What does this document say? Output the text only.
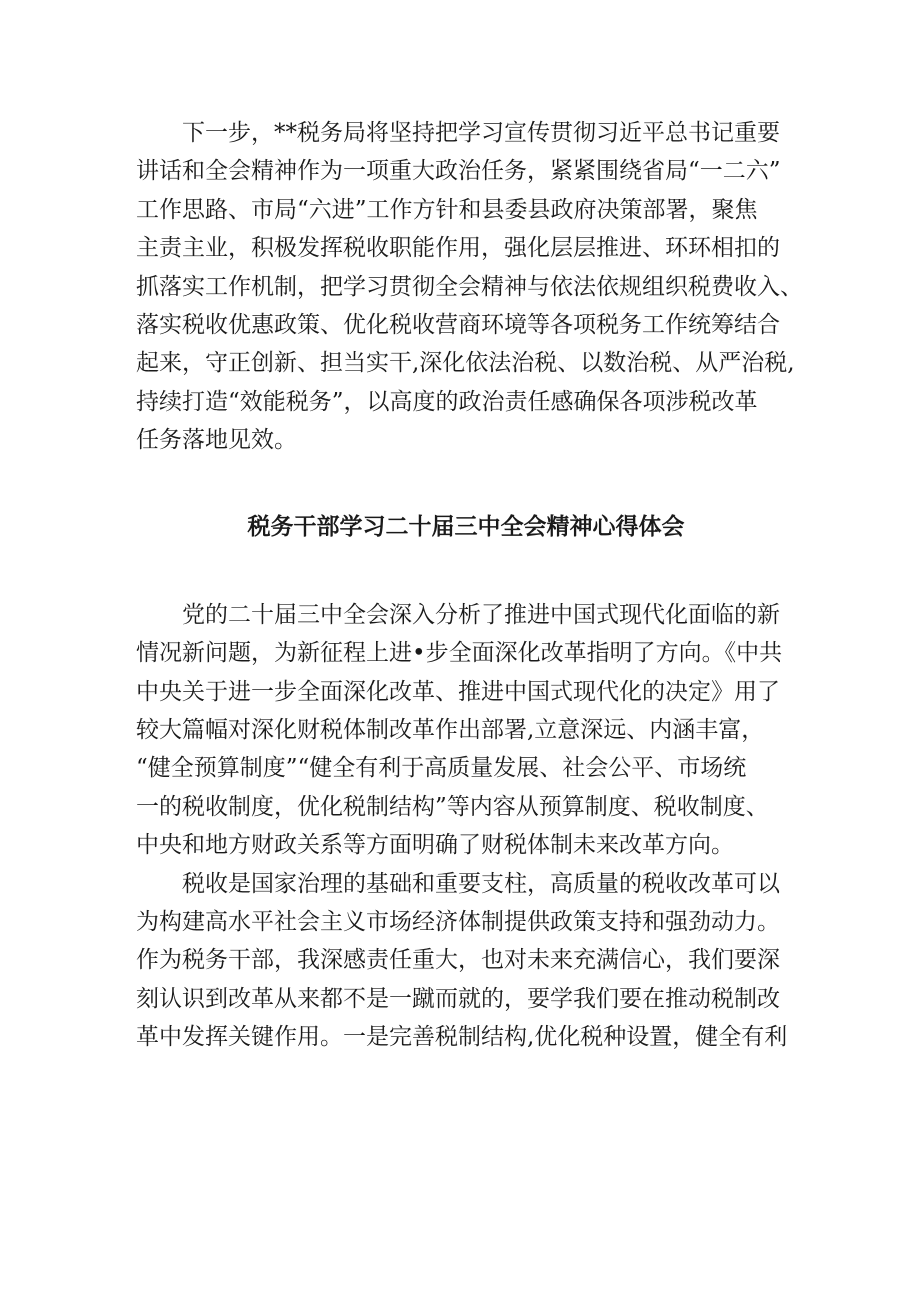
下一步，**税务局将坚持把学习宣传贯彻习近平总书记重要
讲话和全会精神作为一项重大政治任务，紧紧围绕省局“一二六”
工作思路、市局“六进”工作方针和县委县政府决策部署，聚焦
主责主业，积极发挥税收职能作用，强化层层推进、环环相扣的
抓落实工作机制，把学习贯彻全会精神与依法依规组织税费收入、
落实税收优惠政策、优化税收营商环境等各项税务工作统筹结合
起来，守正创新、担当实干,深化依法治税、以数治税、从严治税,
持续打造“效能税务”，以高度的政治责任感确保各项涉税改革
任务落地见效。
税务干部学习二十届三中全会精神心得体会
党的二十届三中全会深入分析了推进中国式现代化面临的新
情况新问题，为新征程上进•步全面深化改革指明了方向。《中共
中央关于进一步全面深化改革、推进中国式现代化的决定》用了
较大篇幅对深化财税体制改革作出部署,立意深远、内涵丰富，
“健全预算制度”“健全有利于高质量发展、社会公平、市场统
一的税收制度，优化税制结构”等内容从预算制度、税收制度、
中央和地方财政关系等方面明确了财税体制未来改革方向。
税收是国家治理的基础和重要支柱，高质量的税收改革可以
为构建高水平社会主义市场经济体制提供政策支持和强劲动力。
作为税务干部，我深感责任重大，也对未来充满信心，我们要深
刻认识到改革从来都不是一蹴而就的，要学我们要在推动税制改
革中发挥关键作用。一是完善税制结构,优化税种设置，健全有利
